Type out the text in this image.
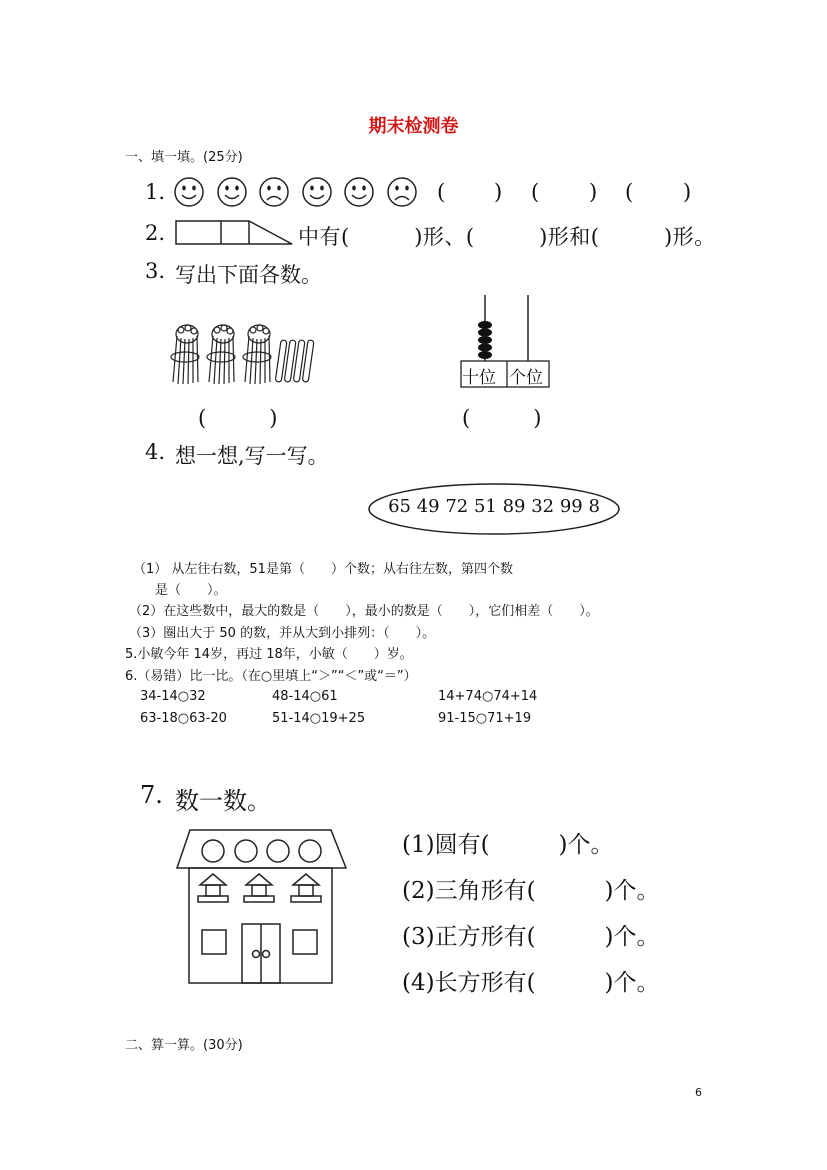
期末检测卷
一、填一填。(25分)
1.	( ) ( ) ( )
2.	中有(　　　)形、(　　　)形和(　　　)形。
3. 写出下面各数。
十位 个位
(　　　)	(　　　)
4. 想一想,写一写。
65 49 72 51 89 32 99 8
（1） 从左往右数，51是第（　　）个数；从右往左数，第四个数
是（　　）。
（2）在这些数中，最大的数是（　　），最小的数是（　　），它们相差（　　）。
（3）圈出大于 50 的数，并从大到小排列：（　　）。
5.小敏今年 14岁，再过 18年，小敏（　　）岁。
6.（易错）比一比。（在○里填上“＞”“＜”或“＝”）
34-14○32	48-14○61	14+74○74+14
63-18○63-20	51-14○19+25	91-15○71+19
7. 数一数。
(1)圆有(　　　)个。
(2)三角形有(　　　)个。
(3)正方形有(　　　)个。
(4)长方形有(　　　)个。
二、算一算。(30分)
6
